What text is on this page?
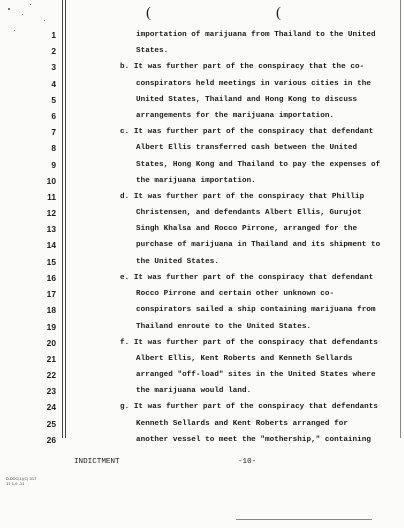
(	(
1
2
3
4
5
6
7
8
9
10
11
12
13
14
15
16
17
18
19
20
21
22
23
24
25
26
importation of marijuana from Thailand to the United
States.
b. It was further part of the conspiracy that the co-
conspirators held meetings in various cities in the
United States, Thailand and Hong Kong to discuss
arrangements for the marijuana importation.
c. It was further part of the conspiracy that defendant
Albert Ellis transferred cash between the United
States, Hong Kong and Thailand to pay the expenses of
the marijuana importation.
d. It was further part of the conspiracy that Phillip
Christensen, and defendants Albert Ellis, Gurujot
Singh Khalsa and Rocco Pirrone, arranged for the
purchase of marijuana in Thailand and its shipment to
the United States.
e. It was further part of the conspiracy that defendant
Rocco Pirrone and certain other unknown co-
conspirators sailed a ship containing marijuana from
Thailand enroute to the United States.
f. It was further part of the conspiracy that defendants
Albert Ellis, Kent Roberts and Kenneth Sellards
arranged "off-load" sites in the United States where
the marijuana would land.
g. It was further part of the conspiracy that defendants
Kenneth Sellards and Kent Roberts arranged for
another vessel to meet the "mothership," containing
INDICTMENT	-10-
D.DOC(1)(C) 317
11 1.0 -11
